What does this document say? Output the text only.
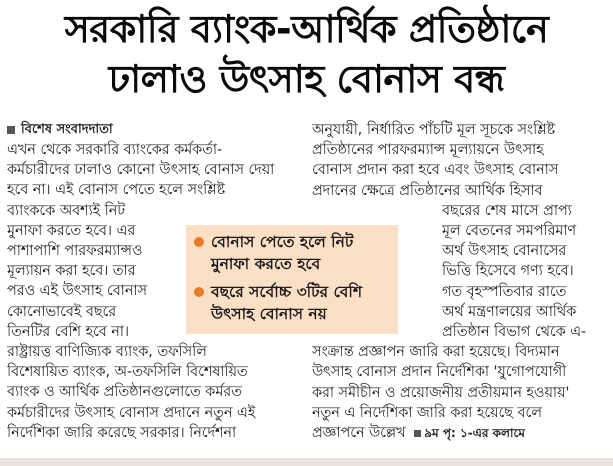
সরকারি ব্যাংক-আর্থিক প্রতিষ্ঠানে
ঢালাও উৎসাহ বোনাস বন্ধ
বিশেষ সংবাদদাতা
এখন থেকে সরকারি ব্যাংকের কর্মকর্তা-
কর্মচারীদের ঢালাও কোনো উৎসাহ বোনাস দেয়া
হবে না। এই বোনাস পেতে হলে সংশ্লিষ্ট
ব্যাংককে অবশ্যই নিট
মুনাফা করতে হবে। এর
পাশাপাশি পারফরম্যান্সও
মূল্যায়ন করা হবে। তার
পরও এই উৎসাহ বোনাস
কোনোভাবেই বছরে
তিনটির বেশি হবে না।
রাষ্ট্রায়ত্ত বাণিজ্যিক ব্যাংক, তফসিলি
বিশেষায়িত ব্যাংক, অ-তফসিলি বিশেষায়িত
ব্যাংক ও আর্থিক প্রতিষ্ঠানগুলোতে কর্মরত
কর্মচারীদের উৎসাহ বোনাস প্রদানে নতুন এই
নির্দেশিকা জারি করেছে সরকার। নির্দেশনা
অনুযায়ী, নির্ধারিত পাঁচটি মূল সূচকে সংশ্লিষ্ট
প্রতিষ্ঠানের পারফরম্যান্স মূল্যায়নে উৎসাহ
বোনাস প্রদান করা হবে এবং উৎসাহ বোনাস
প্রদানের ক্ষেত্রে প্রতিষ্ঠানের আর্থিক হিসাব
বছরের শেষ মাসে প্রাপ্য
মূল বেতনের সমপরিমাণ
অর্থ উৎসাহ বোনাসের
ভিত্তি হিসেবে গণ্য হবে।
গত বৃহস্পতিবার রাতে
অর্থ মন্ত্রণালয়ের আর্থিক
প্রতিষ্ঠান বিভাগ থেকে এ-
সংক্রান্ত প্রজ্ঞাপন জারি করা হয়েছে। বিদ্যমান
উৎসাহ বোনাস প্রদান নির্দেশিকা 'যুগোপযোগী
করা সমীচীন ও প্রয়োজনীয় প্রতীয়মান হওয়ায়'
নতুন এ নির্দেশিকা জারি করা হয়েছে বলে
প্রজ্ঞাপনে উল্লেখ ৯ম পৃ: ১-এর কলামে
বোনাস পেতে হলে নিট মুনাফা করতে হবে
বছরে সর্বোচ্চ ৩টির বেশি উৎসাহ বোনাস নয়
